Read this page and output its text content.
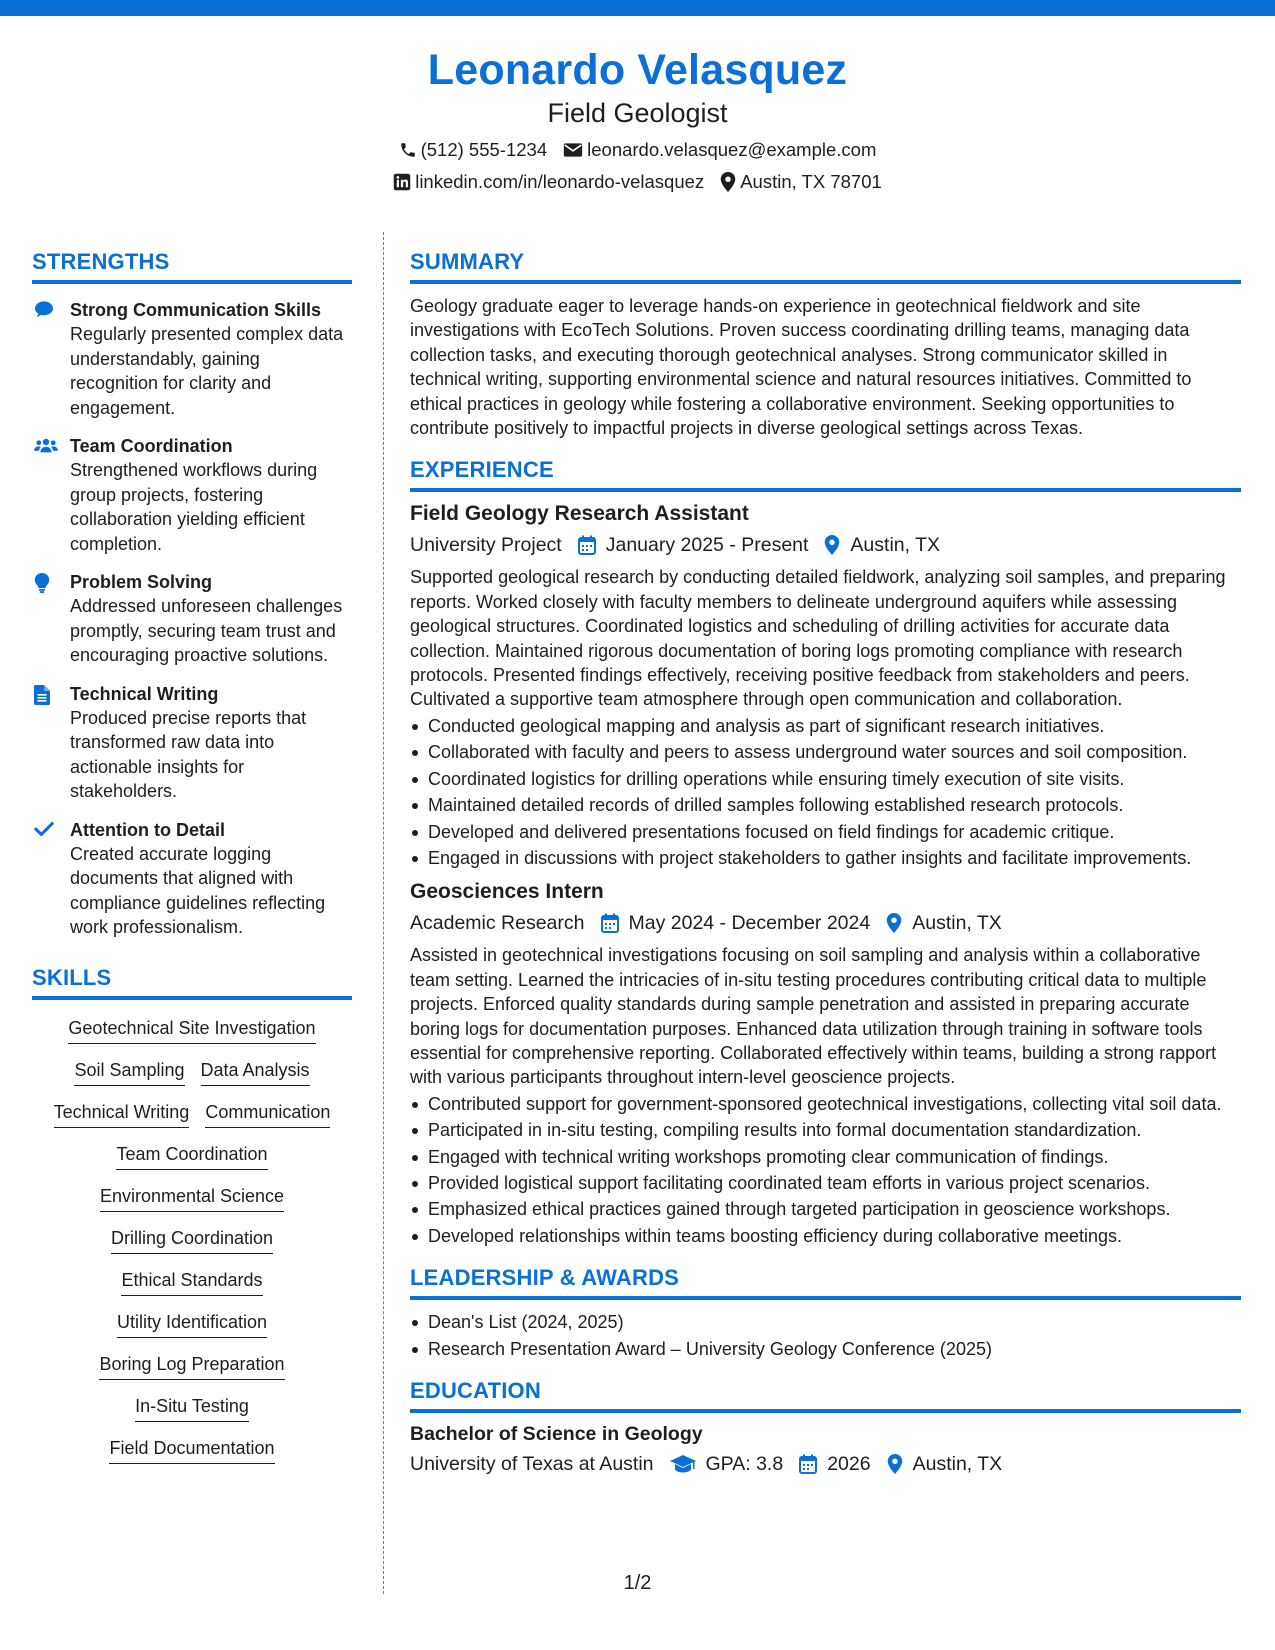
Leonardo Velasquez
Field Geologist
(512) 555-1234 leonardo.velasquez@example.com
linkedin.com/in/leonardo-velasquez Austin, TX 78701
STRENGTHS
Strong Communication Skills
Regularly presented complex data understandably, gaining recognition for clarity and engagement.
Team Coordination
Strengthened workflows during group projects, fostering collaboration yielding efficient completion.
Problem Solving
Addressed unforeseen challenges promptly, securing team trust and encouraging proactive solutions.
Technical Writing
Produced precise reports that transformed raw data into actionable insights for stakeholders.
Attention to Detail
Created accurate logging documents that aligned with compliance guidelines reflecting work professionalism.
SKILLS
Geotechnical Site Investigation
Soil Sampling Data Analysis
Technical Writing Communication
Team Coordination
Environmental Science
Drilling Coordination
Ethical Standards
Utility Identification
Boring Log Preparation
In-Situ Testing
Field Documentation
SUMMARY
Geology graduate eager to leverage hands-on experience in geotechnical fieldwork and site investigations with EcoTech Solutions. Proven success coordinating drilling teams, managing data collection tasks, and executing thorough geotechnical analyses. Strong communicator skilled in technical writing, supporting environmental science and natural resources initiatives. Committed to ethical practices in geology while fostering a collaborative environment. Seeking opportunities to contribute positively to impactful projects in diverse geological settings across Texas.
EXPERIENCE
Field Geology Research Assistant
University Project January 2025 - Present Austin, TX
Supported geological research by conducting detailed fieldwork, analyzing soil samples, and preparing reports. Worked closely with faculty members to delineate underground aquifers while assessing geological structures. Coordinated logistics and scheduling of drilling activities for accurate data collection. Maintained rigorous documentation of boring logs promoting compliance with research protocols. Presented findings effectively, receiving positive feedback from stakeholders and peers. Cultivated a supportive team atmosphere through open communication and collaboration.
Conducted geological mapping and analysis as part of significant research initiatives.
Collaborated with faculty and peers to assess underground water sources and soil composition.
Coordinated logistics for drilling operations while ensuring timely execution of site visits.
Maintained detailed records of drilled samples following established research protocols.
Developed and delivered presentations focused on field findings for academic critique.
Engaged in discussions with project stakeholders to gather insights and facilitate improvements.
Geosciences Intern
Academic Research May 2024 - December 2024 Austin, TX
Assisted in geotechnical investigations focusing on soil sampling and analysis within a collaborative team setting. Learned the intricacies of in-situ testing procedures contributing critical data to multiple projects. Enforced quality standards during sample penetration and assisted in preparing accurate boring logs for documentation purposes. Enhanced data utilization through training in software tools essential for comprehensive reporting. Collaborated effectively within teams, building a strong rapport with various participants throughout intern-level geoscience projects.
Contributed support for government-sponsored geotechnical investigations, collecting vital soil data.
Participated in in-situ testing, compiling results into formal documentation standardization.
Engaged with technical writing workshops promoting clear communication of findings.
Provided logistical support facilitating coordinated team efforts in various project scenarios.
Emphasized ethical practices gained through targeted participation in geoscience workshops.
Developed relationships within teams boosting efficiency during collaborative meetings.
LEADERSHIP & AWARDS
Dean's List (2024, 2025)
Research Presentation Award – University Geology Conference (2025)
EDUCATION
Bachelor of Science in Geology
University of Texas at Austin	GPA: 3.8 2026 Austin, TX
1/2
